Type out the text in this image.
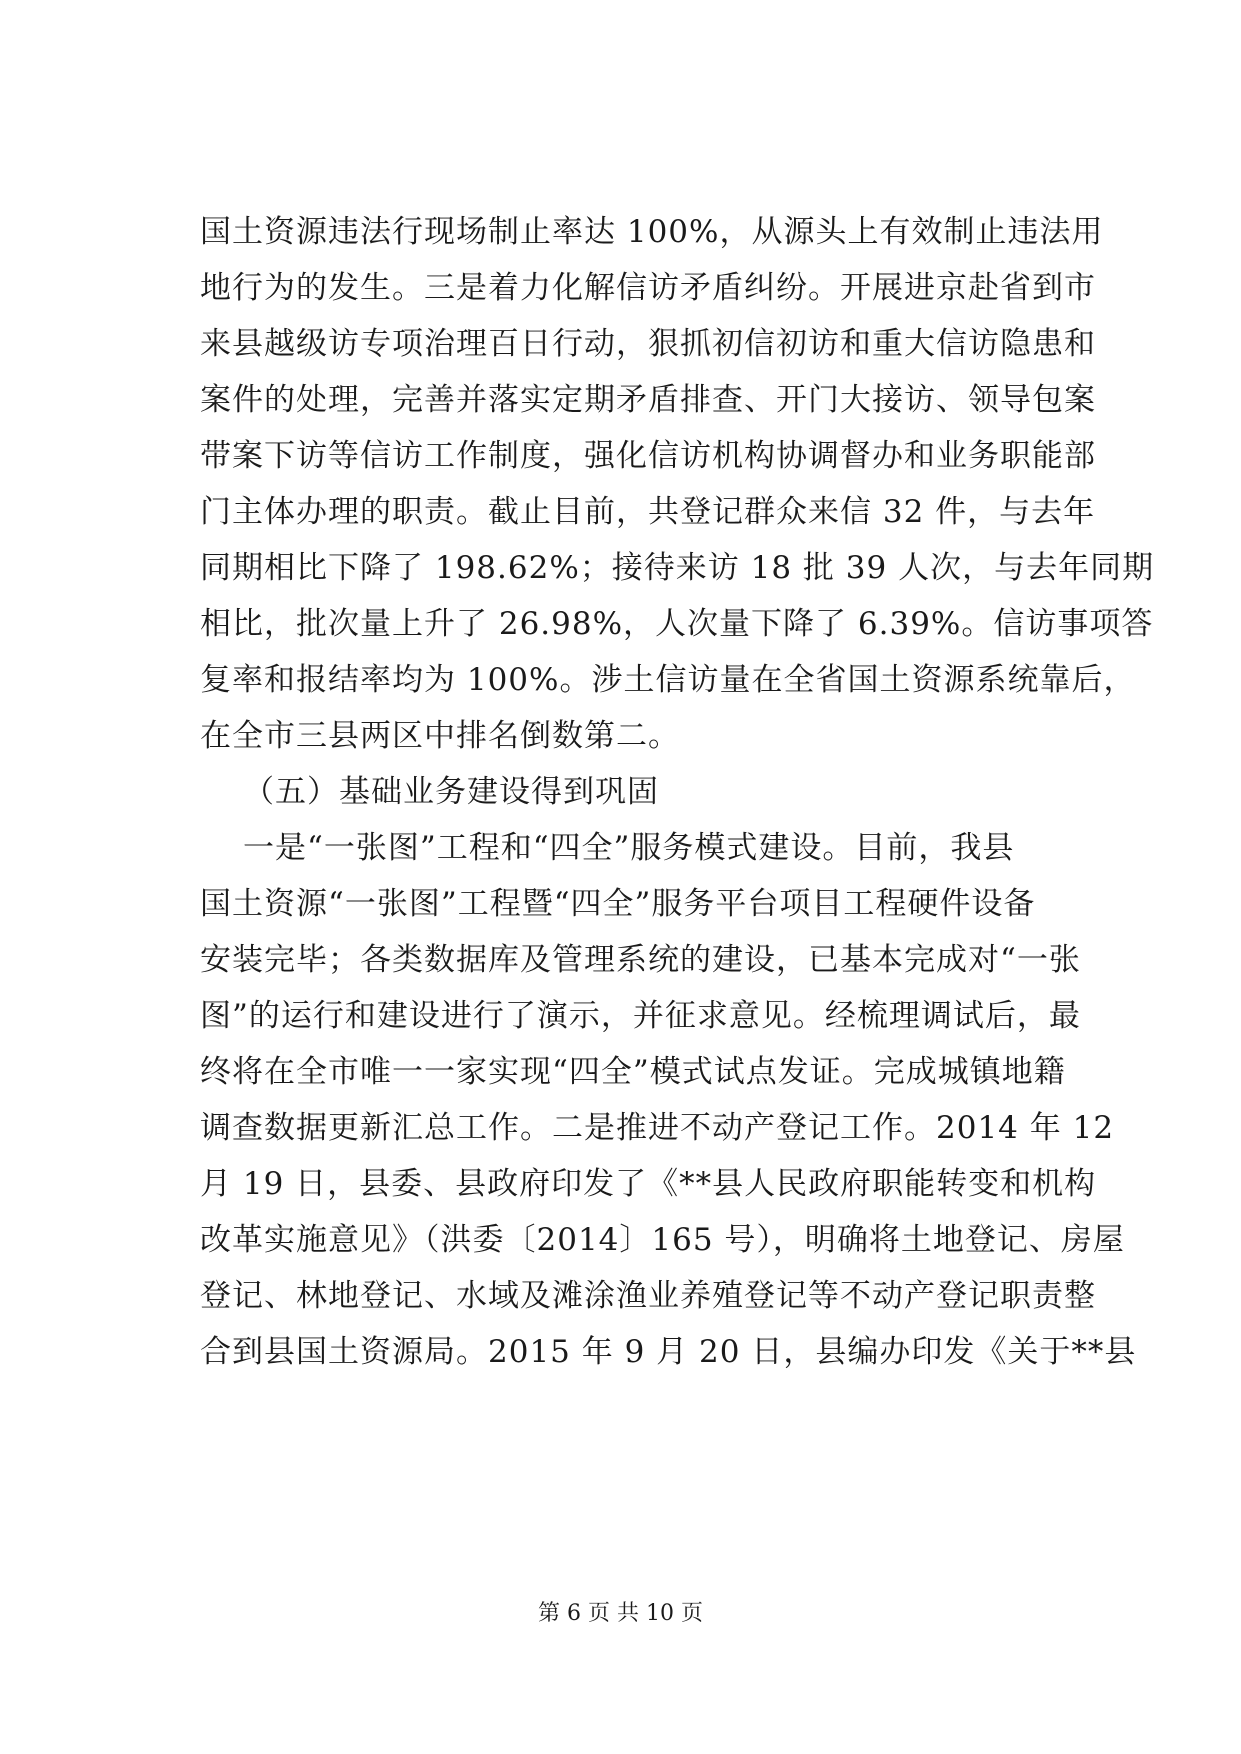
国土资源违法行现场制止率达 100%，从源头上有效制止违法用
地行为的发生。三是着力化解信访矛盾纠纷。开展进京赴省到市
来县越级访专项治理百日行动，狠抓初信初访和重大信访隐患和
案件的处理，完善并落实定期矛盾排查、开门大接访、领导包案
带案下访等信访工作制度，强化信访机构协调督办和业务职能部
门主体办理的职责。截止目前，共登记群众来信 32 件，与去年
同期相比下降了 198.62%；接待来访 18 批 39 人次，与去年同期
相比，批次量上升了 26.98%，人次量下降了 6.39%。信访事项答
复率和报结率均为 100%。涉土信访量在全省国土资源系统靠后，
在全市三县两区中排名倒数第二。
（五）基础业务建设得到巩固
一是“一张图”工程和“四全”服务模式建设。目前，我县
国土资源“一张图”工程暨“四全”服务平台项目工程硬件设备
安装完毕；各类数据库及管理系统的建设，已基本完成对“一张
图”的运行和建设进行了演示，并征求意见。经梳理调试后，最
终将在全市唯一一家实现“四全”模式试点发证。完成城镇地籍
调查数据更新汇总工作。二是推进不动产登记工作。2014 年 12
月 19 日，县委、县政府印发了《**县人民政府职能转变和机构
改革实施意见》（洪委〔2014〕165 号），明确将土地登记、房屋
登记、林地登记、水域及滩涂渔业养殖登记等不动产登记职责整
合到县国土资源局。2015 年 9 月 20 日，县编办印发《关于**县
第 6 页 共 10 页
